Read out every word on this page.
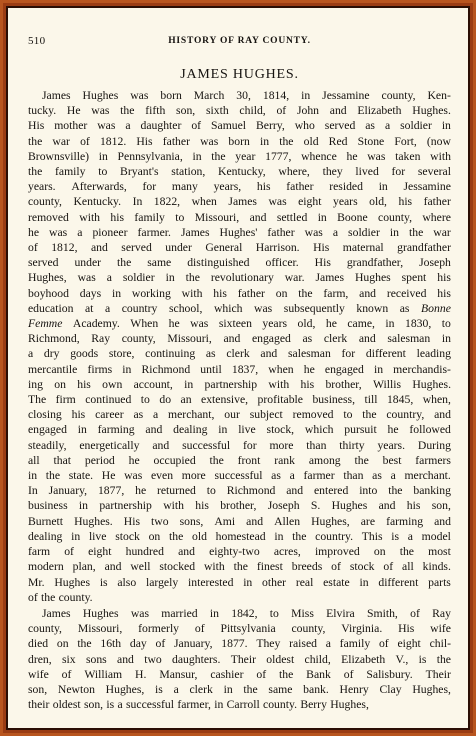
510	HISTORY OF RAY COUNTY.
JAMES HUGHES.
James Hughes was born March 30, 1814, in Jessamine county, Ken-
tucky. He was the fifth son, sixth child, of John and Elizabeth Hughes.
His mother was a daughter of Samuel Berry, who served as a soldier in
the war of 1812. His father was born in the old Red Stone Fort, (now
Brownsville) in Pennsylvania, in the year 1777, whence he was taken with
the family to Bryant's station, Kentucky, where, they lived for several
years. Afterwards, for many years, his father resided in Jessamine
county, Kentucky. In 1822, when James was eight years old, his father
removed with his family to Missouri, and settled in Boone county, where
he was a pioneer farmer. James Hughes' father was a soldier in the war
of 1812, and served under General Harrison. His maternal grandfather
served under the same distinguished officer. His grandfather, Joseph
Hughes, was a soldier in the revolutionary war. James Hughes spent his
boyhood days in working with his father on the farm, and received his
education at a country school, which was subsequently known as Bonne
Femme Academy. When he was sixteen years old, he came, in 1830, to
Richmond, Ray county, Missouri, and engaged as clerk and salesman in
a dry goods store, continuing as clerk and salesman for different leading
mercantile firms in Richmond until 1837, when he engaged in merchandis-
ing on his own account, in partnership with his brother, Willis Hughes.
The firm continued to do an extensive, profitable business, till 1845, when,
closing his career as a merchant, our subject removed to the country, and
engaged in farming and dealing in live stock, which pursuit he followed
steadily, energetically and successful for more than thirty years. During
all that period he occupied the front rank among the best farmers
in the state. He was even more successful as a farmer than as a merchant.
In January, 1877, he returned to Richmond and entered into the banking
business in partnership with his brother, Joseph S. Hughes and his son,
Burnett Hughes. His two sons, Ami and Allen Hughes, are farming and
dealing in live stock on the old homestead in the country. This is a model
farm of eight hundred and eighty-two acres, improved on the most
modern plan, and well stocked with the finest breeds of stock of all kinds.
Mr. Hughes is also largely interested in other real estate in different parts
of the county.
James Hughes was married in 1842, to Miss Elvira Smith, of Ray
county, Missouri, formerly of Pittsylvania county, Virginia. His wife
died on the 16th day of January, 1877. They raised a family of eight chil-
dren, six sons and two daughters. Their oldest child, Elizabeth V., is the
wife of William H. Mansur, cashier of the Bank of Salisbury. Their
son, Newton Hughes, is a clerk in the same bank. Henry Clay Hughes,
their oldest son, is a successful farmer, in Carroll county. Berry Hughes,
